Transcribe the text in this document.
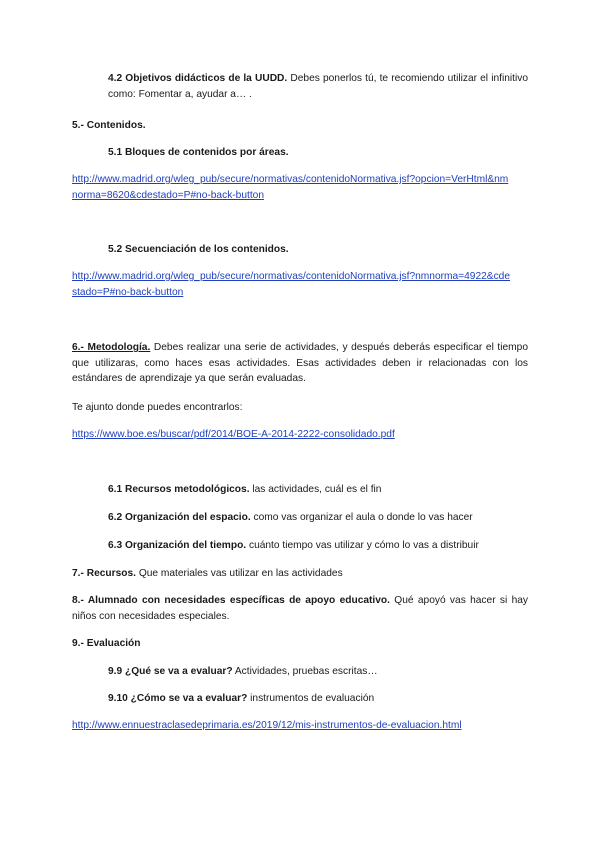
4.2 Objetivos didácticos de la UUDD. Debes ponerlos tú, te recomiendo utilizar el infinitivo como: Fomentar a, ayudar a… .

5.- Contenidos.

5.1 Bloques de contenidos por áreas.

http://www.madrid.org/wleg_pub/secure/normativas/contenidoNormativa.jsf?opcion=VerHtml&nm
norma=8620&cdestado=P#no-back-button

5.2 Secuenciación de los contenidos.

http://www.madrid.org/wleg_pub/secure/normativas/contenidoNormativa.jsf?nmnorma=4922&cde
stado=P#no-back-button

6.- Metodología. Debes realizar una serie de actividades, y después deberás especificar el tiempo que utilizaras, como haces esas actividades. Esas actividades deben ir relacionadas con los estándares de aprendizaje ya que serán evaluadas.

Te ajunto donde puedes encontrarlos:

https://www.boe.es/buscar/pdf/2014/BOE-A-2014-2222-consolidado.pdf

6.1 Recursos metodológicos. las actividades, cuál es el fin

6.2 Organización del espacio. como vas organizar el aula o donde lo vas hacer

6.3 Organización del tiempo. cuánto tiempo vas utilizar y cómo lo vas a distribuir

7.- Recursos. Que materiales vas utilizar en las actividades

8.- Alumnado con necesidades específicas de apoyo educativo. Qué apoyó vas hacer si hay niños con necesidades especiales.

9.- Evaluación

9.9 ¿Qué se va a evaluar? Actividades, pruebas escritas…

9.10 ¿Cómo se va a evaluar? instrumentos de evaluación

http://www.ennuestraclasedeprimaria.es/2019/12/mis-instrumentos-de-evaluacion.html
